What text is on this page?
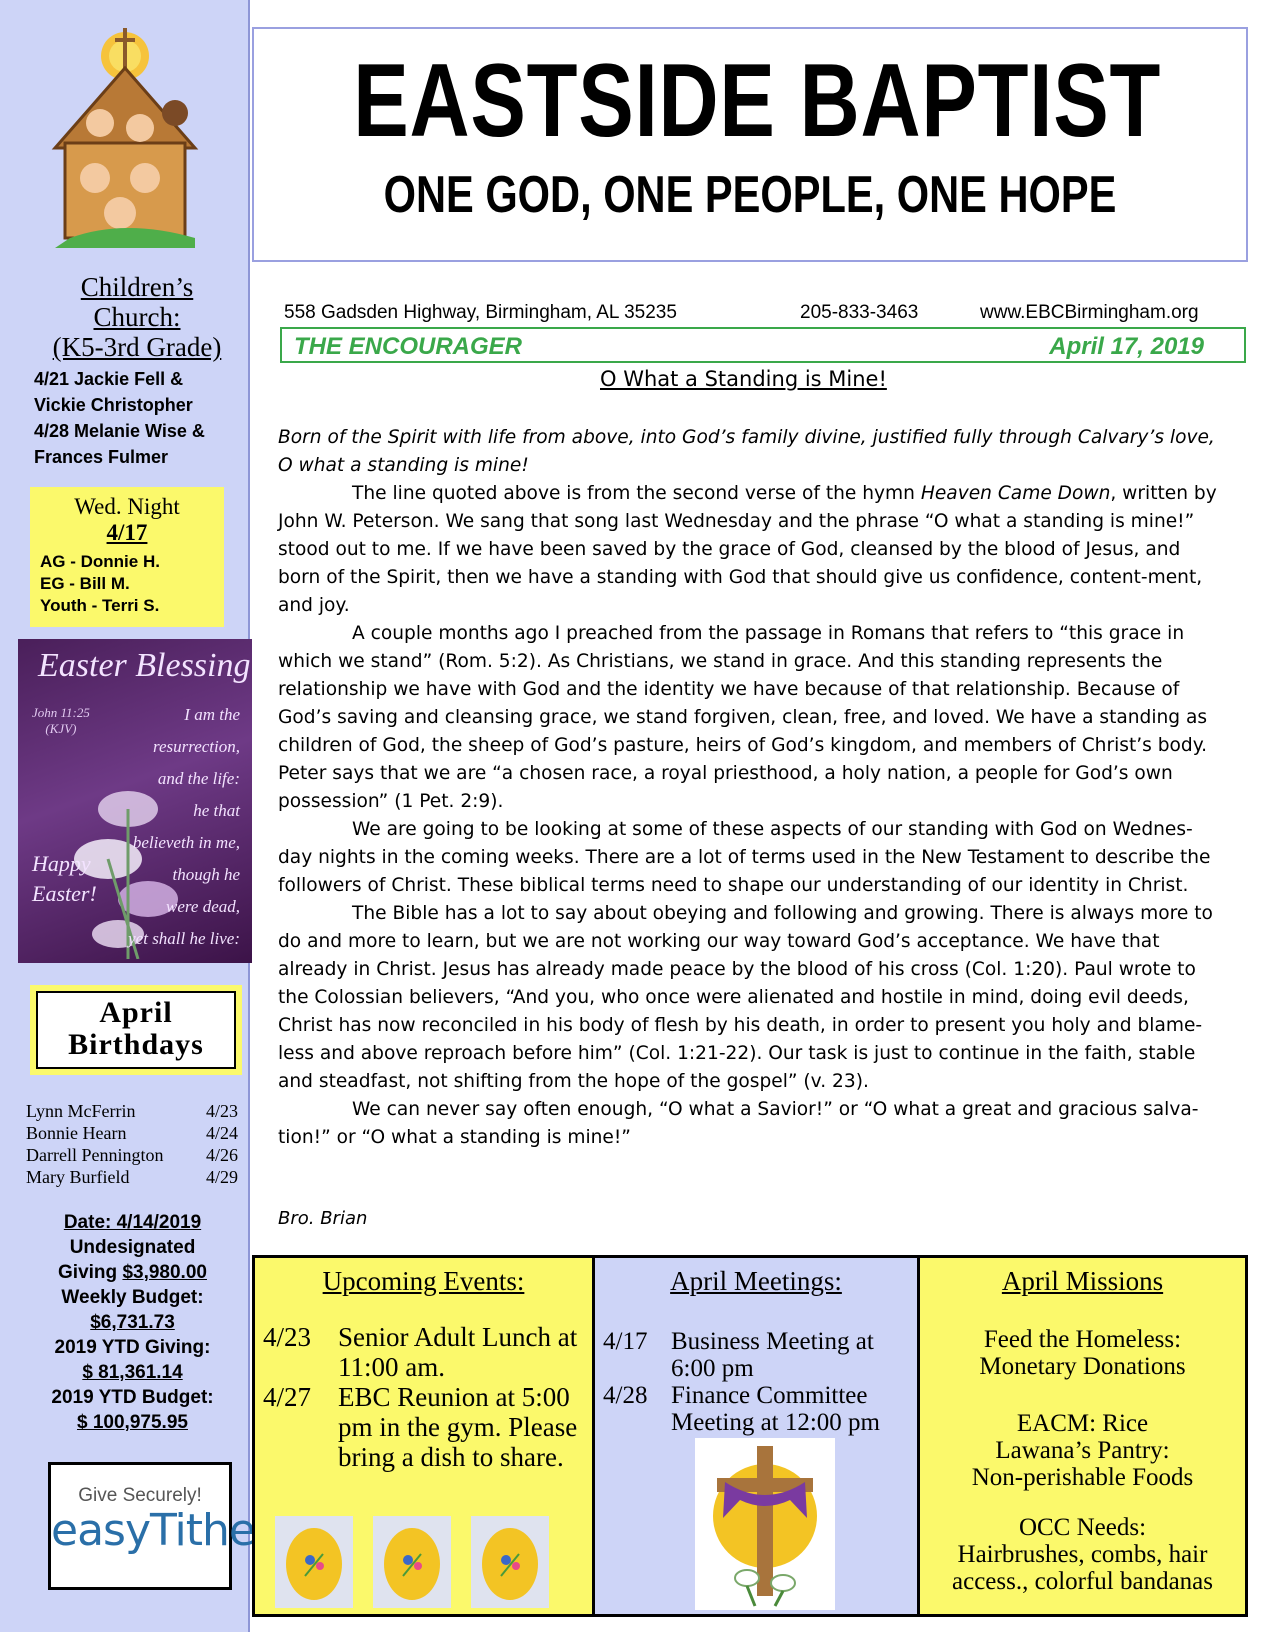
Children’s
Church:
(K5-3rd Grade)
4/21 Jackie Fell &
Vickie Christopher
4/28 Melanie Wise &
Frances Fulmer
Wed. Night
4/17
AG - Donnie H.
EG - Bill M.
Youth - Terri S.
Easter Blessing
John 11:25
(KJV)
I am the
resurrection,
and the life:
he that
believeth in me,
though he
were dead,
yet shall he live:
Happy
Easter!
April
Birthdays
Lynn McFerrin	4/23
Bonnie Hearn	4/24
Darrell Pennington 4/26
Mary Burfield	4/29
Date: 4/14/2019
Undesignated
Giving $3,980.00
Weekly Budget:
$6,731.73
2019 YTD Giving:
$ 81,361.14
2019 YTD Budget:
$ 100,975.95
Give Securely!
easyTithe
EASTSIDE BAPTIST
ONE GOD, ONE PEOPLE, ONE HOPE
558 Gadsden Highway, Birmingham, AL 35235	205-833-3463	www.EBCBirmingham.org
THE ENCOURAGER	April 17, 2019
O What a Standing is Mine!

Born of the Spirit with life from above, into God’s family divine, justified fully through Calvary’s love, O what a standing is mine!

The line quoted above is from the second verse of the hymn Heaven Came Down, written by John W. Peterson. We sang that song last Wednesday and the phrase “O what a standing is mine!” stood out to me. If we have been saved by the grace of God, cleansed by the blood of Jesus, and born of the Spirit, then we have a standing with God that should give us confidence, content-ment, and joy.

A couple months ago I preached from the passage in Romans that refers to “this grace in which we stand” (Rom. 5:2). As Christians, we stand in grace. And this standing represents the relationship we have with God and the identity we have because of that relationship. Because of God’s saving and cleansing grace, we stand forgiven, clean, free, and loved. We have a standing as children of God, the sheep of God’s pasture, heirs of God’s kingdom, and members of Christ’s body. Peter says that we are “a chosen race, a royal priesthood, a holy nation, a people for God’s own possession” (1 Pet. 2:9).

We are going to be looking at some of these aspects of our standing with God on Wednes-day nights in the coming weeks. There are a lot of terms used in the New Testament to describe the followers of Christ. These biblical terms need to shape our understanding of our identity in Christ.

The Bible has a lot to say about obeying and following and growing. There is always more to do and more to learn, but we are not working our way toward God’s acceptance. We have that already in Christ. Jesus has already made peace by the blood of his cross (Col. 1:20). Paul wrote to the Colossian believers, “And you, who once were alienated and hostile in mind, doing evil deeds, Christ has now reconciled in his body of flesh by his death, in order to present you holy and blame-less and above reproach before him” (Col. 1:21-22). Our task is just to continue in the faith, stable and steadfast, not shifting from the hope of the gospel” (v. 23).

We can never say often enough, “O what a Savior!” or “O what a great and gracious salva-tion!” or “O what a standing is mine!”

Bro. Brian
Upcoming Events:
4/23 Senior Adult Lunch at 11:00 am.
4/27 EBC Reunion at 5:00 pm in the gym. Please bring a dish to share.
April Meetings:
4/17 Business Meeting at 6:00 pm
4/28 Finance Committee Meeting at 12:00 pm
April Missions
Feed the Homeless:
Monetary Donations
EACM: Rice
Lawana’s Pantry:
Non-perishable Foods
OCC Needs:
Hairbrushes, combs, hair
access., colorful bandanas
